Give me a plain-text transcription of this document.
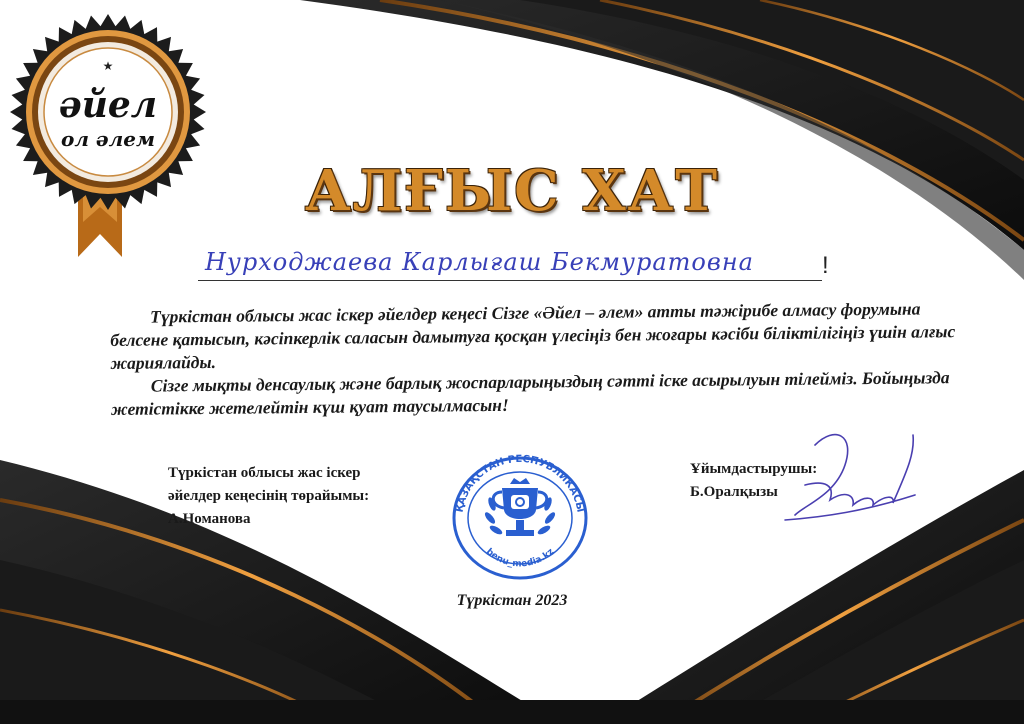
★
әйел
ол әлем
АЛҒЫС ХАТ
Нурходжаева Карлығаш Бекмуратовна	!

Түркістан облысы жас іскер әйелдер кеңесі Сізге «Әйел – әлем» атты тәжірибе алмасу форумына белсене қатысып, кәсіпкерлік саласын дамытуға қосқан үлесіңіз бен жоғары кәсіби біліктілігіңіз үшін алғыс жариялайды.

Сізге мықты денсаулық және барлық жоспарларыңыздың сәтті іске асырылуын тілейміз. Бойыңызда жетістікке жетелейтін күш қуат таусылмасын!

Түркістан облысы жас іскер
әйелдер кеңесінің төрайымы:
А.Номанова
ҚАЗАҚСТАН РЕСПУБЛИКАСЫ
benu_media.kz
Ұйымдастырушы:
Б.Оралқызы
Түркістан 2023
